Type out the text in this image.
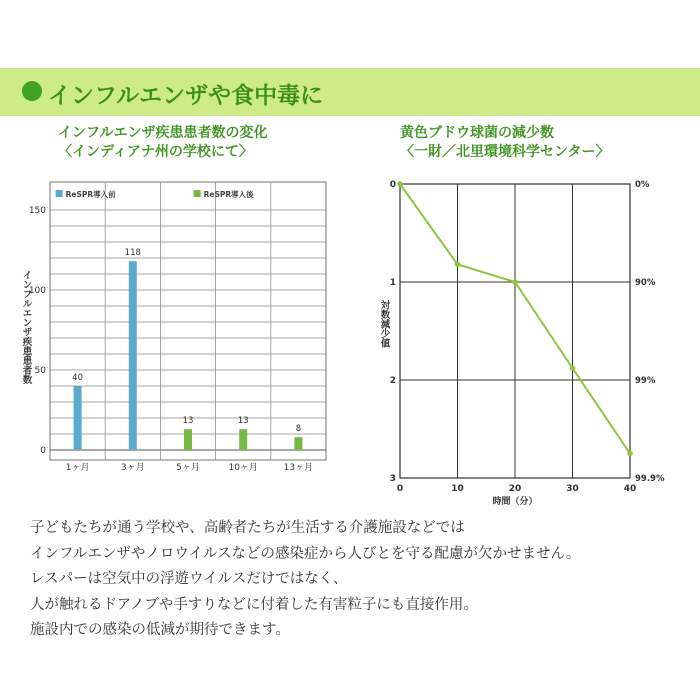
インフルエンザや食中毒に
インフルエンザ疾患患者数の変化
〈インディアナ州の学校にて〉
黄色ブドウ球菌の減少数
〈一財／北里環境科学センター〉
0
50
100
150
インフルエンザ疾患患者数
1ヶ月	3ヶ月	5ヶ月	10ヶ月	13ヶ月
ReSPR導入前	ReSPR導入後
40
118
13	13
8
0	10	20	30	40
0	0%
1	90%
2	99%
3	99.9%
時間（分）
対数減少値
子どもたちが通う学校や、高齢者たちが生活する介護施設などでは
インフルエンザやノロウイルスなどの感染症から人びとを守る配慮が欠かせません。
レスパーは空気中の浮遊ウイルスだけではなく、
人が触れるドアノブや手すりなどに付着した有害粒子にも直接作用。
施設内での感染の低減が期待できます。
